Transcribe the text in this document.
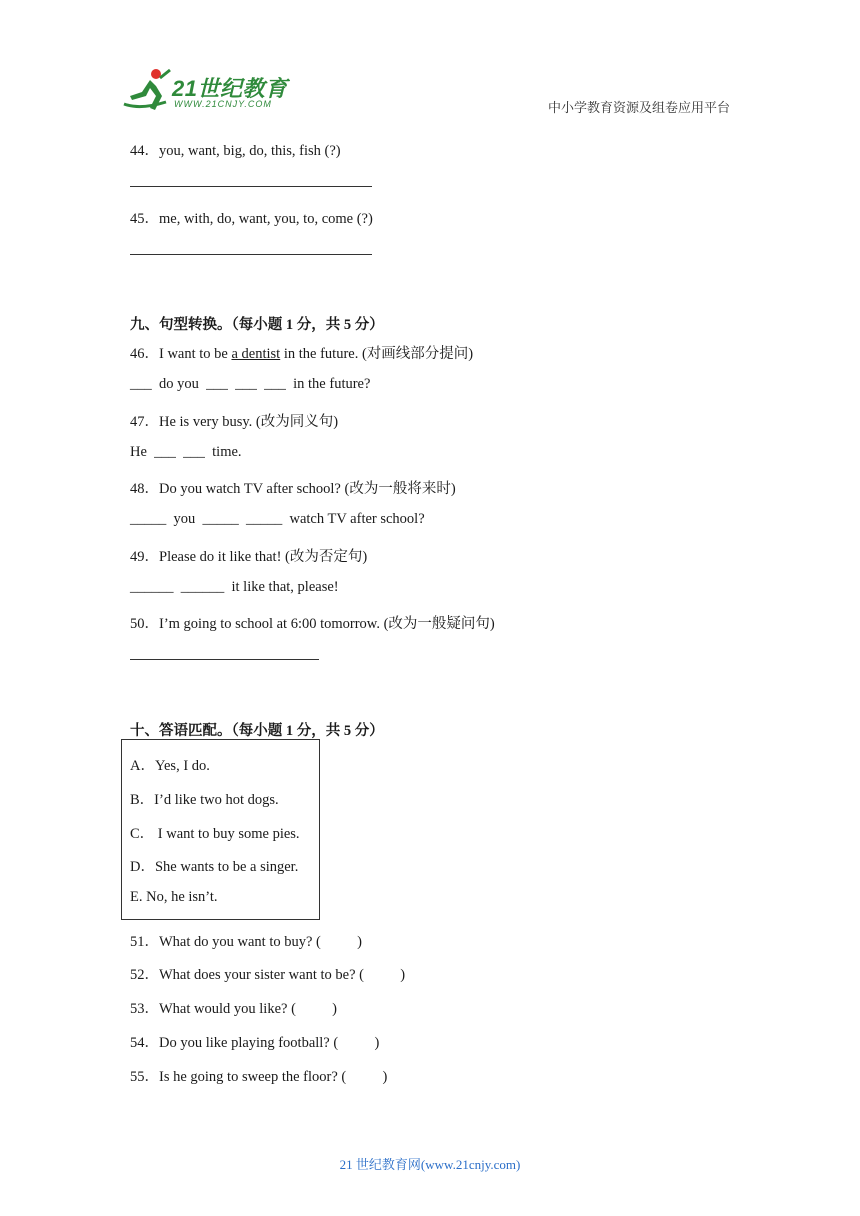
21世纪教育
WWW.21CNJY.COM	中小学教育资源及组卷应用平台
44．you, want, big, do, this, fish (?)
45．me, with, do, want, you, to, come (?)
九、句型转换。（每小题 1 分，共 5 分）
46．I want to be a dentist in the future. (对画线部分提问)
___  do you  ___  ___  ___  in the future?
47．He is very busy. (改为同义句)
He  ___  ___  time.
48．Do you watch TV after school? (改为一般将来时)
_____  you  _____  _____  watch TV after school?
49．Please do it like that! (改为否定句)
______  ______  it like that, please!
50．I’m going to school at 6:00 tomorrow. (改为一般疑问句)
十、答语匹配。（每小题 1 分，共 5 分）
A．Yes, I do.
B．I’d like two hot dogs.
C． I want to buy some pies.
D．She wants to be a singer.
E. No, he isn’t.
51．What do you want to buy? (          )
52．What does your sister want to be? (          )
53．What would you like? (          )
54．Do you like playing football? (          )
55．Is he going to sweep the floor? (          )
21 世纪教育网(www.21cnjy.com)
